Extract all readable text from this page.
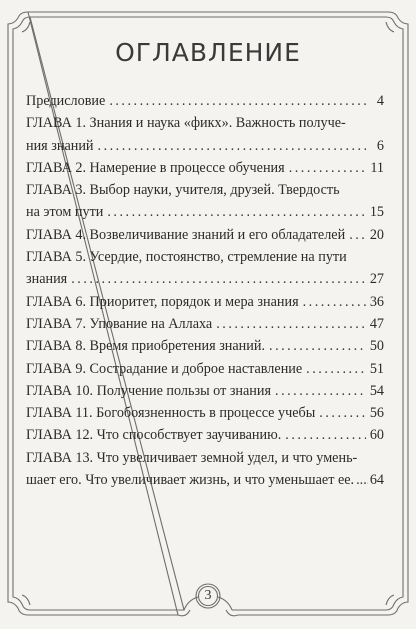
ОГЛАВЛЕНИЕ
Предисловие .....	4
ГЛАВА 1. Знания и наука «фикх». Важность получе-
ния знаний .....	6
ГЛАВА 2. Намерение в процессе обучения .....	11
ГЛАВА 3. Выбор науки, учителя, друзей. Твердость
на этом пути .....	15
ГЛАВА 4. Возвеличивание знаний и его обладателей ..... 20
ГЛАВА 5. Усердие, постоянство, стремление на пути
знания .....	27
ГЛАВА 6. Приоритет, порядок и мера знания .....	36
ГЛАВА 7. Упование на Аллаха .....	47
ГЛАВА 8. Время приобретения знаний. .....	50
ГЛАВА 9. Сострадание и доброе наставление .....	51
ГЛАВА 10. Получение пользы от знания .....	54
ГЛАВА 11. Богобоязненность в процессе учебы .....	56
ГЛАВА 12. Что способствует заучиванию. .....	60
ГЛАВА 13. Что увеличивает земной удел, и что умень-
шает его. Что увеличивает жизнь, и что уменьшает ее. ..... 64
3
